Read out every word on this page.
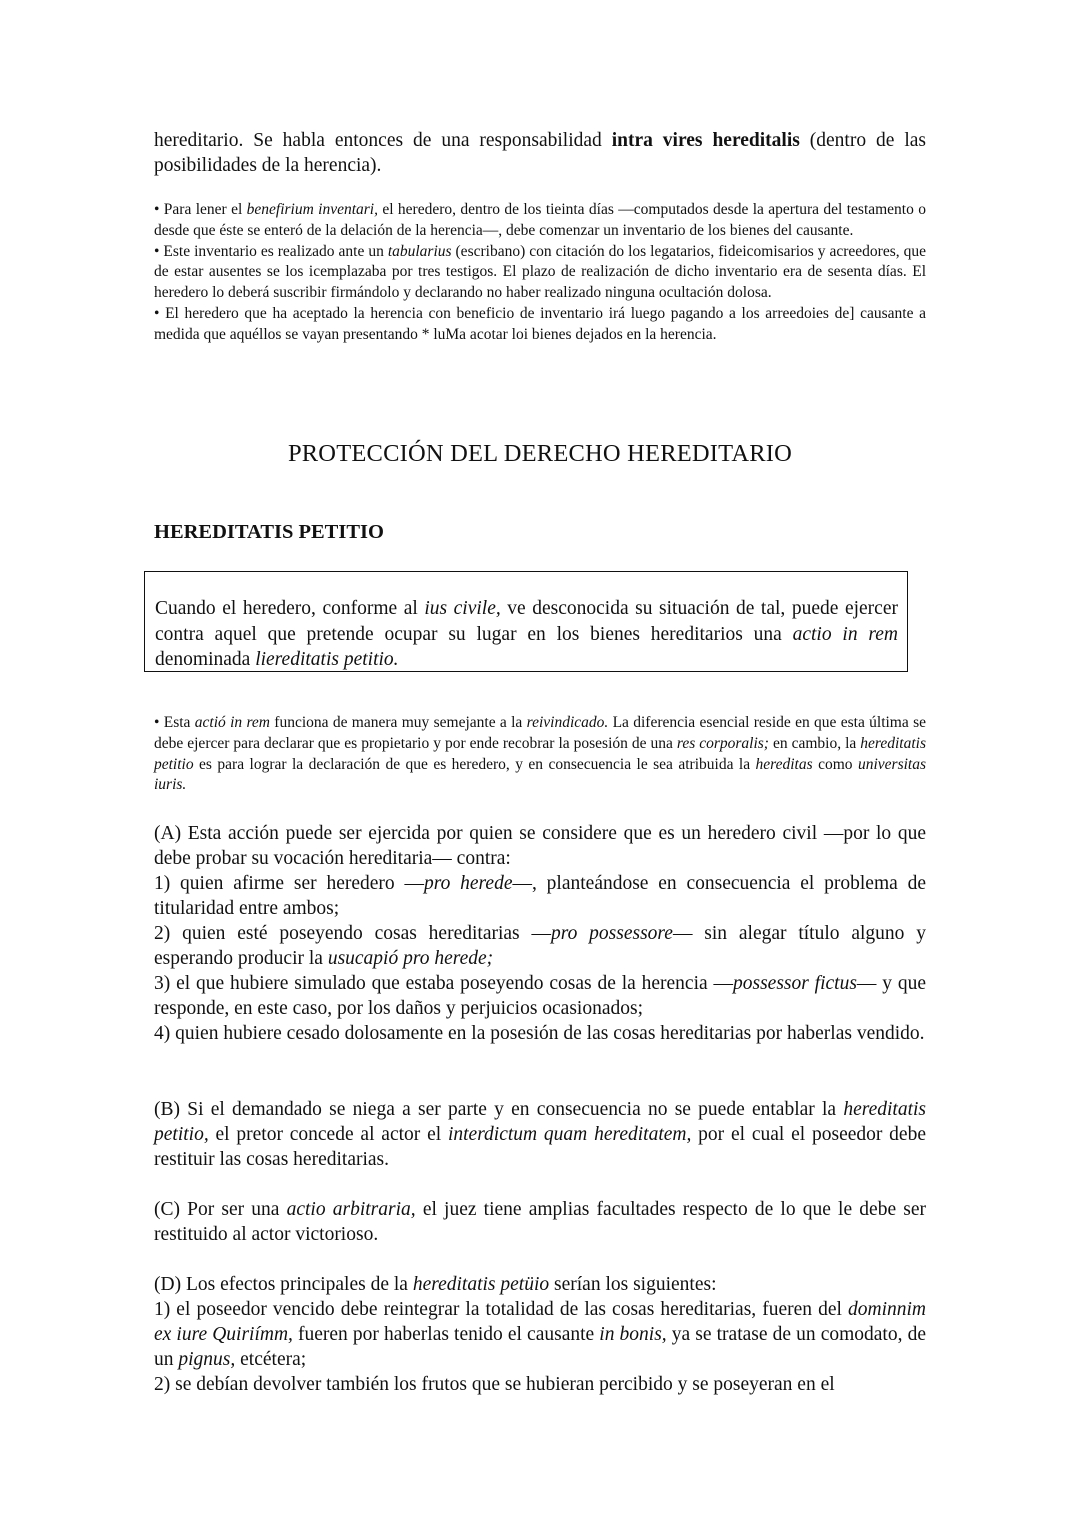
hereditario. Se habla entonces de una responsabilidad intra vires hereditalis (dentro de las posibilidades de la herencia).

• Para lener el benefirium inventari, el heredero, dentro de los tieinta días —computados desde la apertura del testamento o desde que éste se enteró de la delación de la herencia—, debe comenzar un inventario de los bienes del causante.

• Este inventario es realizado ante un tabularius (escribano) con citación do los legatarios, fideicomisarios y acreedores, que de estar ausentes se los icemplazaba por tres testigos. El plazo de realización de dicho inventario era de sesenta días. El heredero lo deberá suscribir firmándolo y declarando no haber realizado ninguna ocultación dolosa.

• El heredero que ha aceptado la herencia con beneficio de inventario irá luego pagando a los arreedoies de] causante a medida que aquéllos se vayan presentando * luMa acotar loi bienes dejados en la herencia.

PROTECCIÓN DEL DERECHO HEREDITARIO
HEREDITATIS PETITIO

Cuando el heredero, conforme al ius civile, ve desconocida su situación de tal, puede ejercer contra aquel que pretende ocupar su lugar en los bienes hereditarios una actio in rem denominada liereditatis petitio.

• Esta actió in rem funciona de manera muy semejante a la reivindicado. La diferencia esencial reside en que esta última se debe ejercer para declarar que es propietario y por ende recobrar la posesión de una res corporalis; en cambio, la hereditatis petitio es para lograr la declaración de que es heredero, y en consecuencia le sea atribuida la hereditas como universitas iuris.

(A) Esta acción puede ser ejercida por quien se considere que es un heredero civil —por lo que debe probar su vocación hereditaria— contra:

1) quien afirme ser heredero —pro herede—, planteándose en consecuencia el problema de titularidad entre ambos;

2) quien esté poseyendo cosas hereditarias —pro possessore— sin alegar título alguno y esperando producir la usucapió pro herede;

3) el que hubiere simulado que estaba poseyendo cosas de la herencia —possessor fictus— y que responde, en este caso, por los daños y perjuicios ocasionados;

4) quien hubiere cesado dolosamente en la posesión de las cosas hereditarias por haberlas vendido.

(B) Si el demandado se niega a ser parte y en consecuencia no se puede entablar la hereditatis petitio, el pretor concede al actor el interdictum quam hereditatem, por el cual el poseedor debe restituir las cosas hereditarias.

(C) Por ser una actio arbitraria, el juez tiene amplias facultades respecto de lo que le debe ser restituido al actor victorioso.

(D) Los efectos principales de la hereditatis petüio serían los siguientes:

1) el poseedor vencido debe reintegrar la totalidad de las cosas hereditarias, fueren del dominnim ex iure Quiriímm, fueren por haberlas tenido el causante in bonis, ya se tratase de un comodato, de un pignus, etcétera;

2) se debían devolver también los frutos que se hubieran percibido y se poseyeran en el
